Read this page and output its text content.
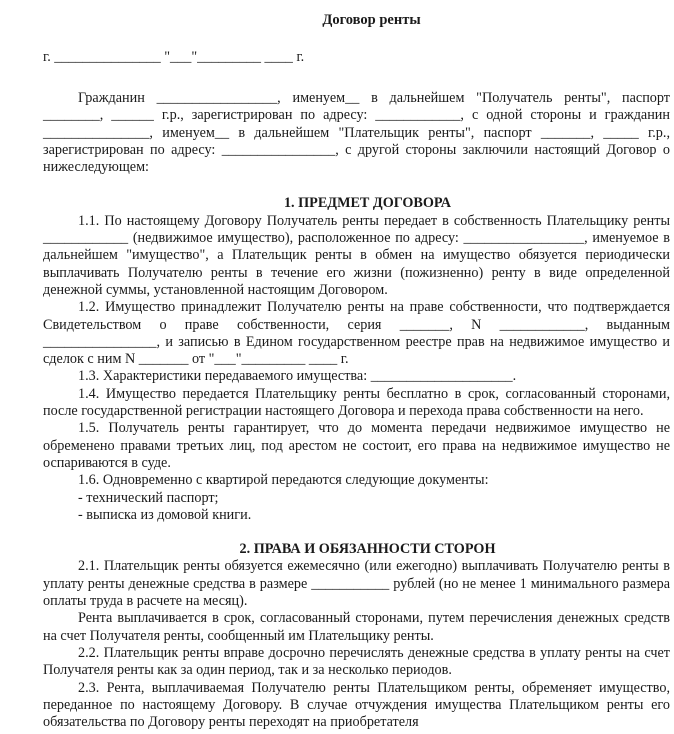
Договор ренты
г. _______________ "___"_________ ____ г.

Гражданин _________________, именуем__ в дальнейшем "Получатель ренты", паспорт ________, ______ г.р., зарегистрирован по адресу: ____________, с одной стороны и гражданин _______________, именуем__ в дальнейшем "Плательщик ренты", паспорт _______, _____ г.р., зарегистрирован по адресу: ________________, с другой стороны заключили настоящий Договор о нижеследующем:

1. ПРЕДМЕТ ДОГОВОРА

1.1. По настоящему Договору Получатель ренты передает в собственность Плательщику ренты ____________ (недвижимое имущество), расположенное по адресу: _________________, именуемое в дальнейшем "имущество", а Плательщик ренты в обмен на имущество обязуется периодически выплачивать Получателю ренты в течение его жизни (пожизненно) ренту в виде определенной денежной суммы, установленной настоящим Договором.

1.2. Имущество принадлежит Получателю ренты на праве собственности, что подтверждается Свидетельством о праве собственности, серия _______, N ____________, выданным ________________, и записью в Едином государственном реестре прав на недвижимое имущество и сделок с ним N _______ от "___"_________ ____ г.

1.3. Характеристики передаваемого имущества: ____________________.

1.4. Имущество передается Плательщику ренты бесплатно в срок, согласованный сторонами, после государственной регистрации настоящего Договора и перехода права собственности на него.

1.5. Получатель ренты гарантирует, что до момента передачи недвижимое имущество не обременено правами третьих лиц, под арестом не состоит, его права на недвижимое имущество не оспариваются в суде.

1.6. Одновременно с квартирой передаются следующие документы:

- технический паспорт;

- выписка из домовой книги.

2. ПРАВА И ОБЯЗАННОСТИ СТОРОН

2.1. Плательщик ренты обязуется ежемесячно (или ежегодно) выплачивать Получателю ренты в уплату ренты денежные средства в размере ___________ рублей (но не менее 1 минимального размера оплаты труда в расчете на месяц).

Рента выплачивается в срок, согласованный сторонами, путем перечисления денежных средств на счет Получателя ренты, сообщенный им Плательщику ренты.

2.2. Плательщик ренты вправе досрочно перечислять денежные средства в уплату ренты на счет Получателя ренты как за один период, так и за несколько периодов.

2.3. Рента, выплачиваемая Получателю ренты Плательщиком ренты, обременяет имущество, переданное по настоящему Договору. В случае отчуждения имущества Плательщиком ренты его обязательства по Договору ренты переходят на приобретателя
